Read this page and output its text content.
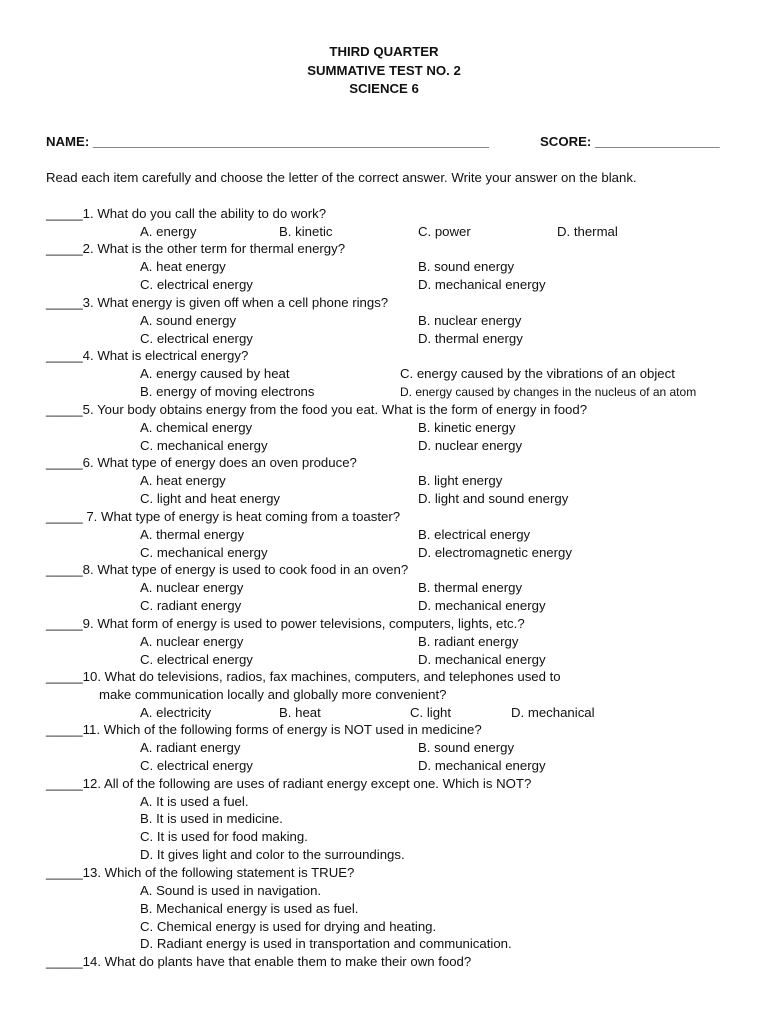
THIRD QUARTER
SUMMATIVE TEST NO. 2
SCIENCE 6
NAME: ______________________________________________________	SCORE: _________________
Read each item carefully and choose the letter of the correct answer. Write your answer on the blank.
_____1. What do you call the ability to do work?
A. energy	B. kinetic	C. power	D. thermal
_____2. What is the other term for thermal energy?
A. heat energy	B. sound energy
C. electrical energy	D. mechanical energy
_____3. What energy is given off when a cell phone rings?
A. sound energy	B. nuclear energy
C. electrical energy	D. thermal energy
_____4. What is electrical energy?
A. energy caused by heat	C. energy caused by the vibrations of an object
B. energy of moving electrons	D. energy caused by changes in the nucleus of an atom
_____5. Your body obtains energy from the food you eat. What is the form of energy in food?
A. chemical energy	B. kinetic energy
C. mechanical energy	D. nuclear energy
_____6. What type of energy does an oven produce?
A. heat energy	B. light energy
C. light and heat energy	D. light and sound energy
_____ 7. What type of energy is heat coming from a toaster?
A. thermal energy	B. electrical energy
C. mechanical energy	D. electromagnetic energy
_____8. What type of energy is used to cook food in an oven?
A. nuclear energy	B. thermal energy
C. radiant energy	D. mechanical energy
_____9. What form of energy is used to power televisions, computers, lights, etc.?
A. nuclear energy	B. radiant energy
C. electrical energy	D. mechanical energy
_____10. What do televisions, radios, fax machines, computers, and telephones used to
make communication locally and globally more convenient?
A. electricity	B. heat	C. light	D. mechanical
_____11. Which of the following forms of energy is NOT used in medicine?
A. radiant energy	B. sound energy
C. electrical energy	D. mechanical energy
_____12. All of the following are uses of radiant energy except one. Which is NOT?
A. It is used a fuel.
B. It is used in medicine.
C. It is used for food making.
D. It gives light and color to the surroundings.
_____13. Which of the following statement is TRUE?
A. Sound is used in navigation.
B. Mechanical energy is used as fuel.
C. Chemical energy is used for drying and heating.
D. Radiant energy is used in transportation and communication.
_____14. What do plants have that enable them to make their own food?
